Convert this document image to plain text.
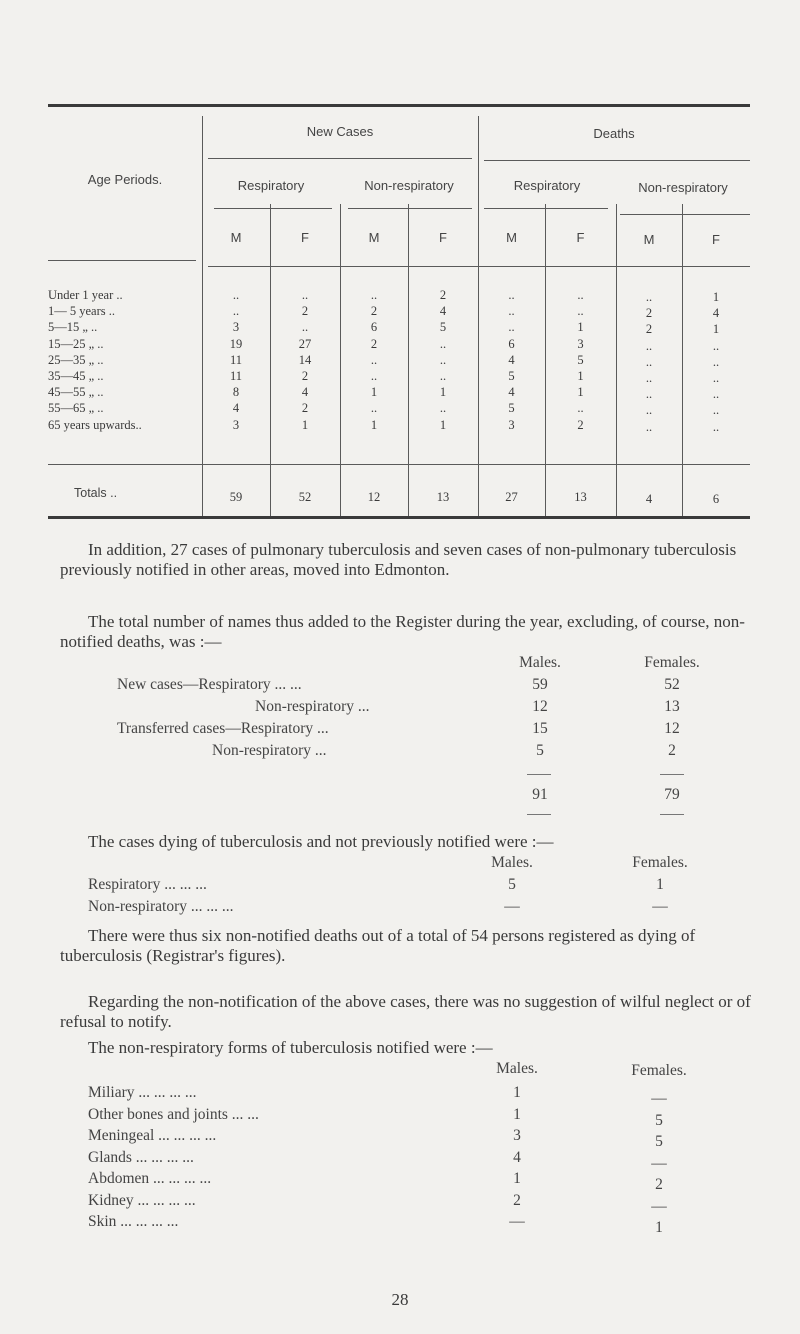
Age Periods.
New Cases	Deaths
Respiratory	Non-respiratory	Respiratory	Non-respiratory
M	F	M	F	M	F	M	F
Under 1 year ..	..	..	..	2	..	..	..	1
1— 5 years ..	..	2	2	4	..	..	2	4
5—15 „ ..	3	..	6	5	..	1	2	1
15—25 „ ..	19	27	2	..	6	3	..	..
25—35 „ ..	11	14	..	..	4	5	..	..
35—45 „ ..	11	2	..	..	5	1	..	..
45—55 „ ..	8	4	1	1	4	1	..	..
55—65 „ ..	4	2	..	..	5	..	..	..
65 years upwards..	3	1	1	1	3	2	..	..
Totals ..	59	52	12	13	27	13	4	6
In addition, 27 cases of pulmonary tuberculosis and seven cases of non-pulmonary tuberculosis previously notified in other areas, moved into Edmonton.
The total number of names thus added to the Register during the year, excluding, of course, non-notified deaths, was :—
Males.	Females.
New cases—Respiratory ... ...	59	52
Non-respiratory ...	12	13
Transferred cases—Respiratory ...	15	12
Non-respiratory ...	5	2
91	79
The cases dying of tuberculosis and not previously notified were :—
Males.	Females.
Respiratory ... ... ...	5	1
Non-respiratory ... ... ...	—	—
There were thus six non-notified deaths out of a total of 54 persons registered as dying of tuberculosis (Registrar's figures).
Regarding the non-notification of the above cases, there was no suggestion of wilful neglect or of refusal to notify.
The non-respiratory forms of tuberculosis notified were :—
Males.	Females.
Miliary ... ... ... ...	1	—
Other bones and joints ... ...	1	5
Meningeal ... ... ... ...	3	5
Glands ... ... ... ...	4	—
Abdomen ... ... ... ...	1	2
Kidney ... ... ... ...	2	—
Skin ... ... ... ...	—	1
28
